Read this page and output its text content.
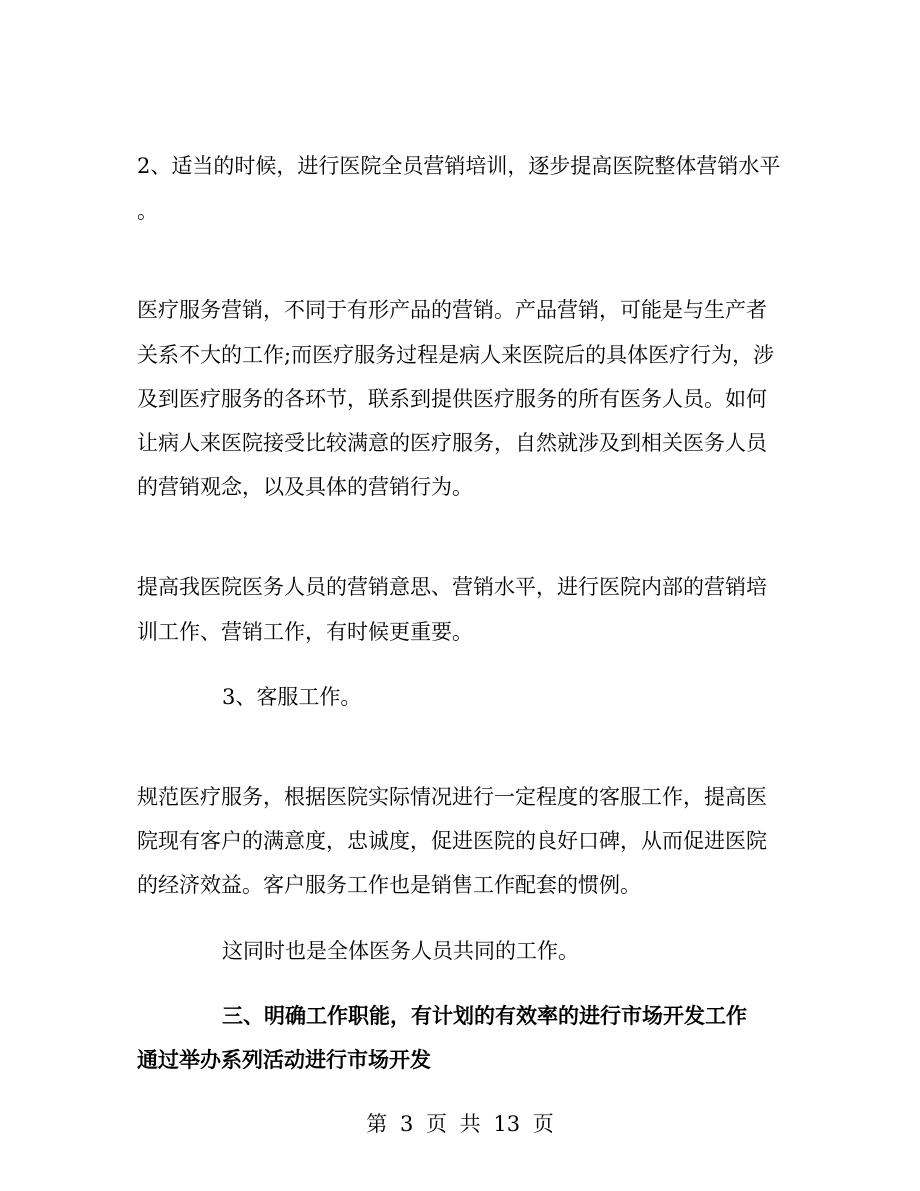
2、适当的时候，进行医院全员营销培训，逐步提高医院整体营销水平
。
医疗服务营销，不同于有形产品的营销。产品营销，可能是与生产者
关系不大的工作;而医疗服务过程是病人来医院后的具体医疗行为，涉
及到医疗服务的各环节，联系到提供医疗服务的所有医务人员。如何
让病人来医院接受比较满意的医疗服务，自然就涉及到相关医务人员
的营销观念，以及具体的营销行为。
提高我医院医务人员的营销意思、营销水平，进行医院内部的营销培
训工作、营销工作，有时候更重要。
3、客服工作。
规范医疗服务，根据医院实际情况进行一定程度的客服工作，提高医
院现有客户的满意度，忠诚度，促进医院的良好口碑，从而促进医院
的经济效益。客户服务工作也是销售工作配套的惯例。
这同时也是全体医务人员共同的工作。
三、明确工作职能，有计划的有效率的进行市场开发工作
通过举办系列活动进行市场开发
第 3 页 共 13 页
